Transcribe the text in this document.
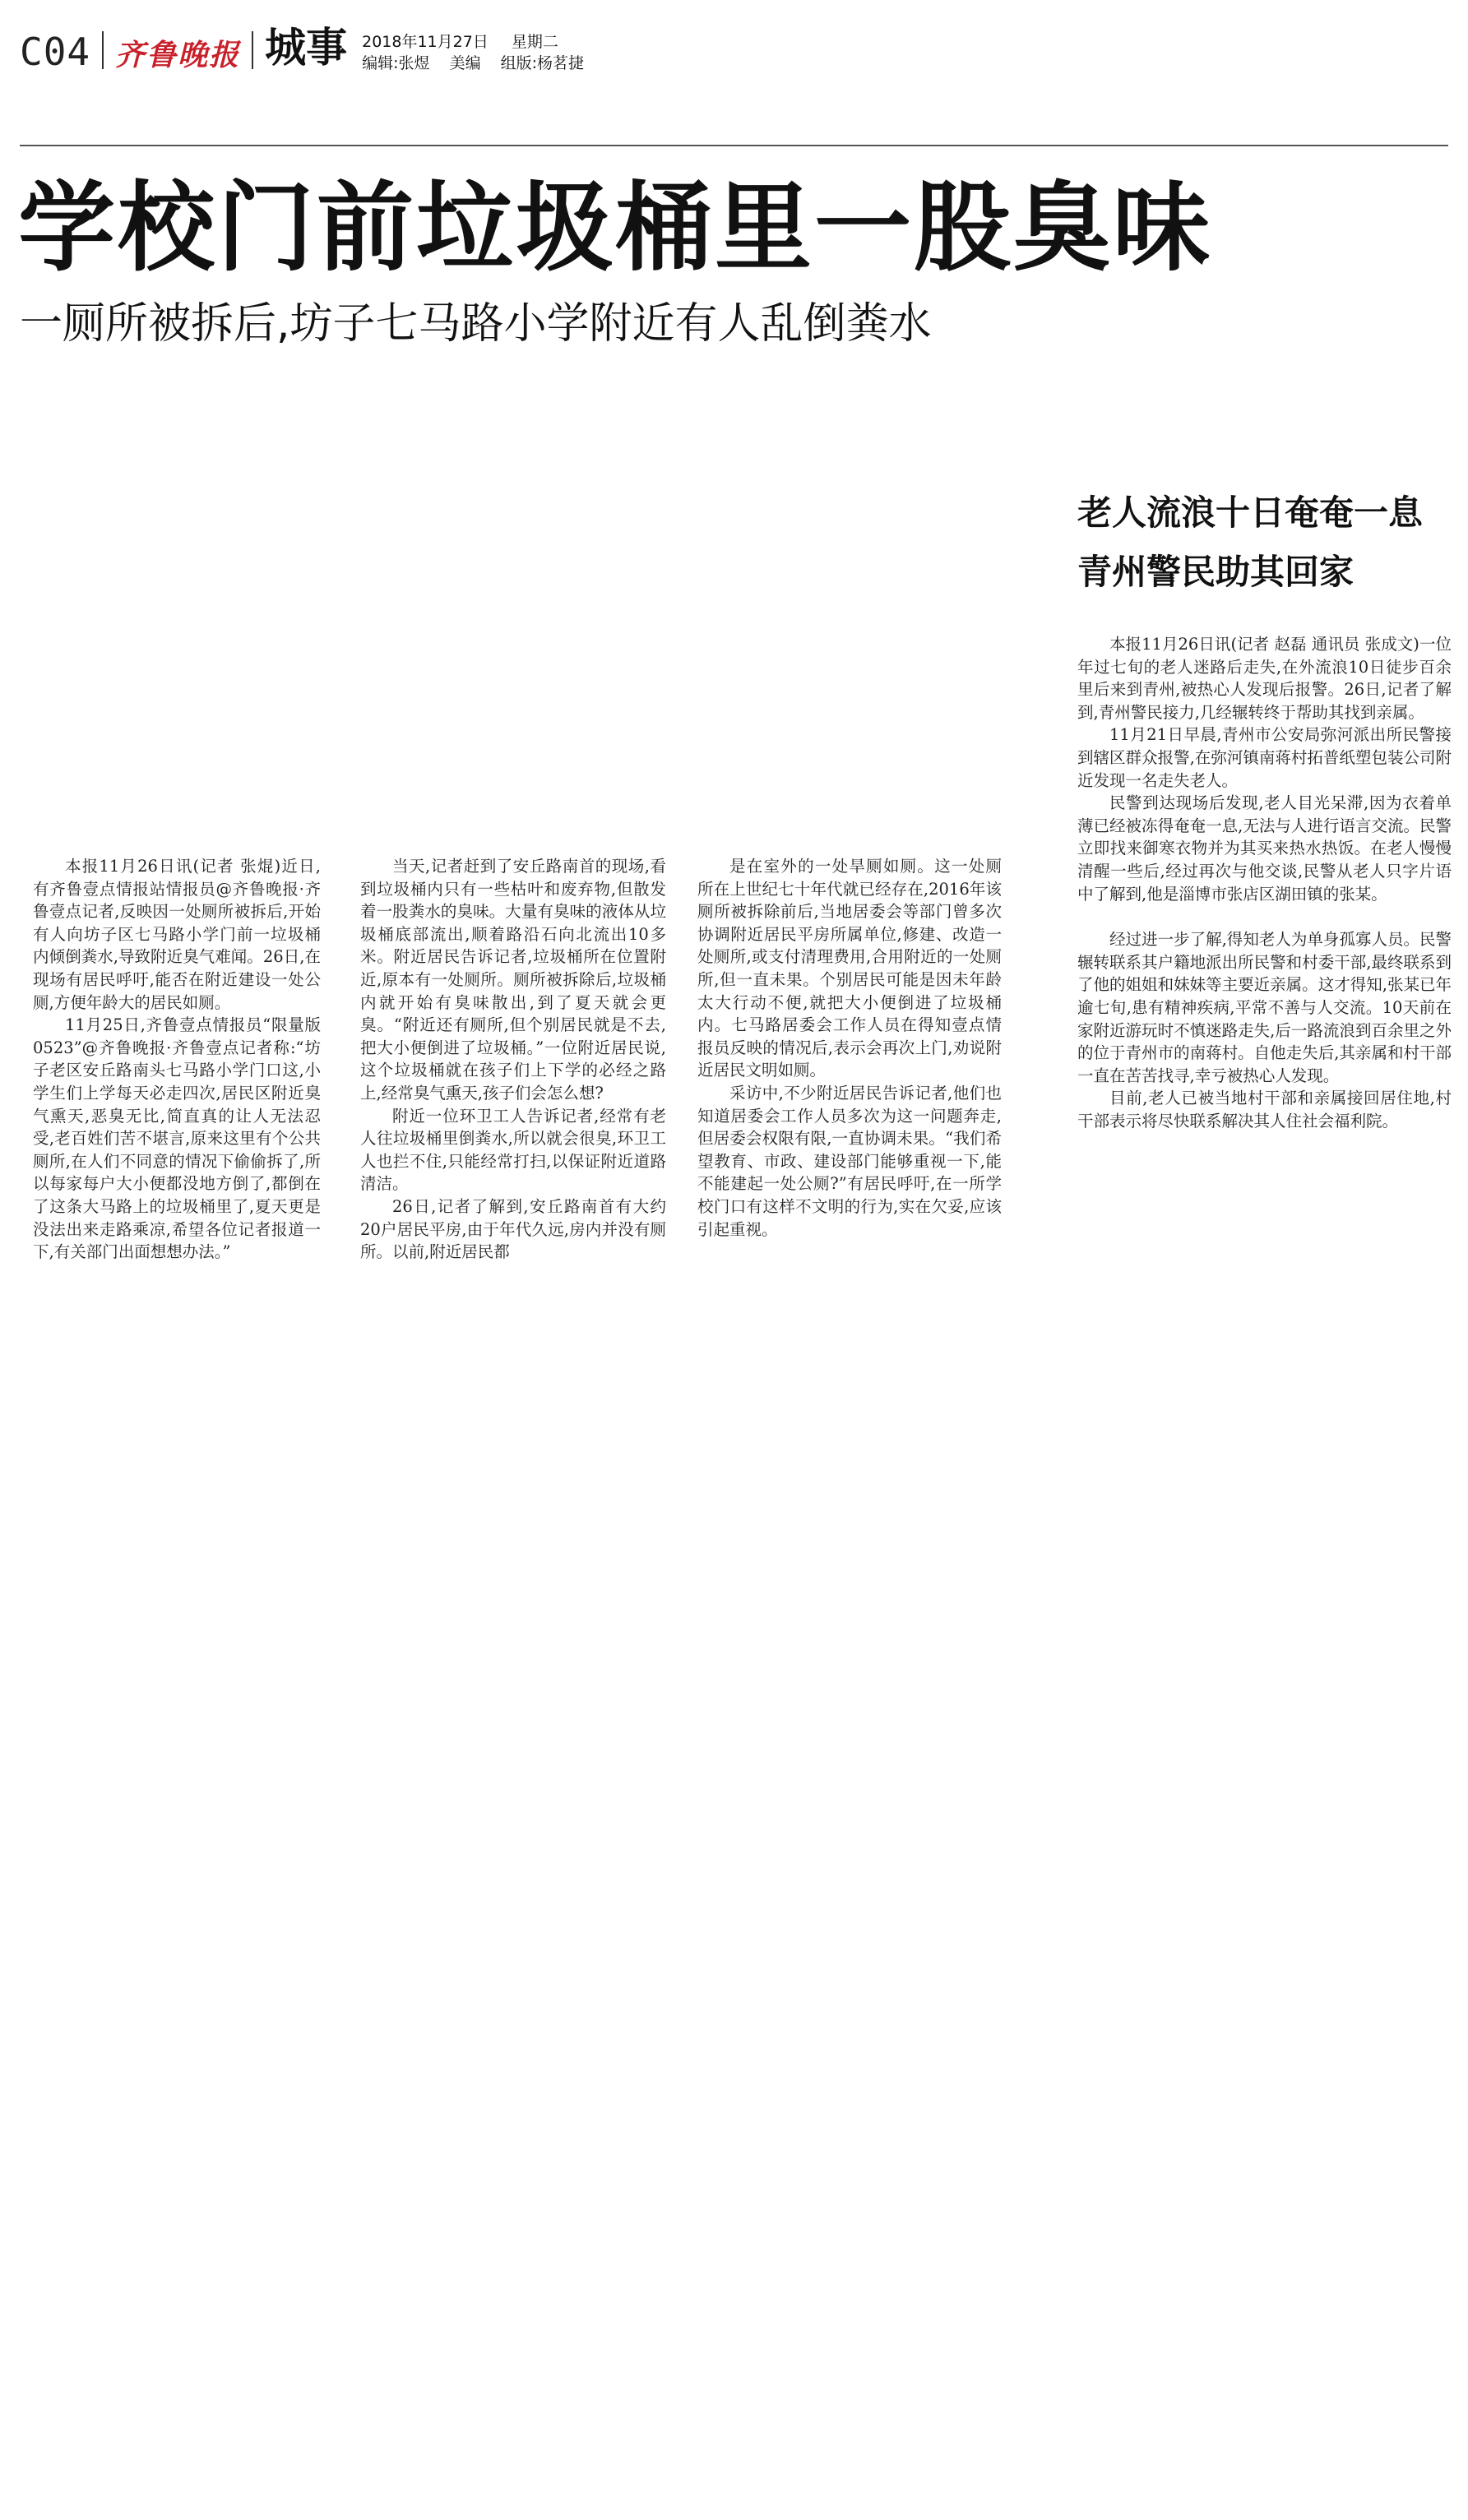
C04 齐鲁晚报 城事 2018年11月27日 星期二
编辑:张煜 美编 组版:杨茗捷
学校门前垃圾桶里一股臭味
一厕所被拆后,坊子七马路小学附近有人乱倒粪水

本报11月26日讯(记者 张焜)近日,有齐鲁壹点情报站情报员@齐鲁晚报·齐鲁壹点记者,反映因一处厕所被拆后,开始有人向坊子区七马路小学门前一垃圾桶内倾倒粪水,导致附近臭气难闻。26日,在现场有居民呼吁,能否在附近建设一处公厕,方便年龄大的居民如厕。

11月25日,齐鲁壹点情报员“限量版0523”@齐鲁晚报·齐鲁壹点记者称:“坊子老区安丘路南头七马路小学门口这,小学生们上学每天必走四次,居民区附近臭气熏天,恶臭无比,简直真的让人无法忍受,老百姓们苦不堪言,原来这里有个公共厕所,在人们不同意的情况下偷偷拆了,所以每家每户大小便都没地方倒了,都倒在了这条大马路上的垃圾桶里了,夏天更是没法出来走路乘凉,希望各位记者报道一下,有关部门出面想想办法。”

当天,记者赶到了安丘路南首的现场,看到垃圾桶内只有一些枯叶和废弃物,但散发着一股粪水的臭味。大量有臭味的液体从垃圾桶底部流出,顺着路沿石向北流出10多米。附近居民告诉记者,垃圾桶所在位置附近,原本有一处厕所。厕所被拆除后,垃圾桶内就开始有臭味散出,到了夏天就会更臭。“附近还有厕所,但个别居民就是不去,把大小便倒进了垃圾桶。”一位附近居民说,这个垃圾桶就在孩子们上下学的必经之路上,经常臭气熏天,孩子们会怎么想?

附近一位环卫工人告诉记者,经常有老人往垃圾桶里倒粪水,所以就会很臭,环卫工人也拦不住,只能经常打扫,以保证附近道路清洁。

26日,记者了解到,安丘路南首有大约20户居民平房,由于年代久远,房内并没有厕所。以前,附近居民都

是在室外的一处旱厕如厕。这一处厕所在上世纪七十年代就已经存在,2016年该厕所被拆除前后,当地居委会等部门曾多次协调附近居民平房所属单位,修建、改造一处厕所,或支付清理费用,合用附近的一处厕所,但一直未果。个别居民可能是因未年龄太大行动不便,就把大小便倒进了垃圾桶内。七马路居委会工作人员在得知壹点情报员反映的情况后,表示会再次上门,劝说附近居民文明如厕。

采访中,不少附近居民告诉记者,他们也知道居委会工作人员多次为这一问题奔走,但居委会权限有限,一直协调未果。“我们希望教育、市政、建设部门能够重视一下,能不能建起一处公厕?”有居民呼吁,在一所学校门口有这样不文明的行为,实在欠妥,应该引起重视。

老人流浪十日奄奄一息
青州警民助其回家

本报11月26日讯(记者 赵磊 通讯员 张成文)一位年过七旬的老人迷路后走失,在外流浪10日徒步百余里后来到青州,被热心人发现后报警。26日,记者了解到,青州警民接力,几经辗转终于帮助其找到亲属。

11月21日早晨,青州市公安局弥河派出所民警接到辖区群众报警,在弥河镇南蒋村拓普纸塑包装公司附近发现一名走失老人。

民警到达现场后发现,老人目光呆滞,因为衣着单薄已经被冻得奄奄一息,无法与人进行语言交流。民警立即找来御寒衣物并为其买来热水热饭。在老人慢慢清醒一些后,经过再次与他交谈,民警从老人只字片语中了解到,他是淄博市张店区湖田镇的张某。

经过进一步了解,得知老人为单身孤寡人员。民警辗转联系其户籍地派出所民警和村委干部,最终联系到了他的姐姐和妹妹等主要近亲属。这才得知,张某已年逾七旬,患有精神疾病,平常不善与人交流。10天前在家附近游玩时不慎迷路走失,后一路流浪到百余里之外的位于青州市的南蒋村。自他走失后,其亲属和村干部一直在苦苦找寻,幸亏被热心人发现。

目前,老人已被当地村干部和亲属接回居住地,村干部表示将尽快联系解决其人住社会福利院。
